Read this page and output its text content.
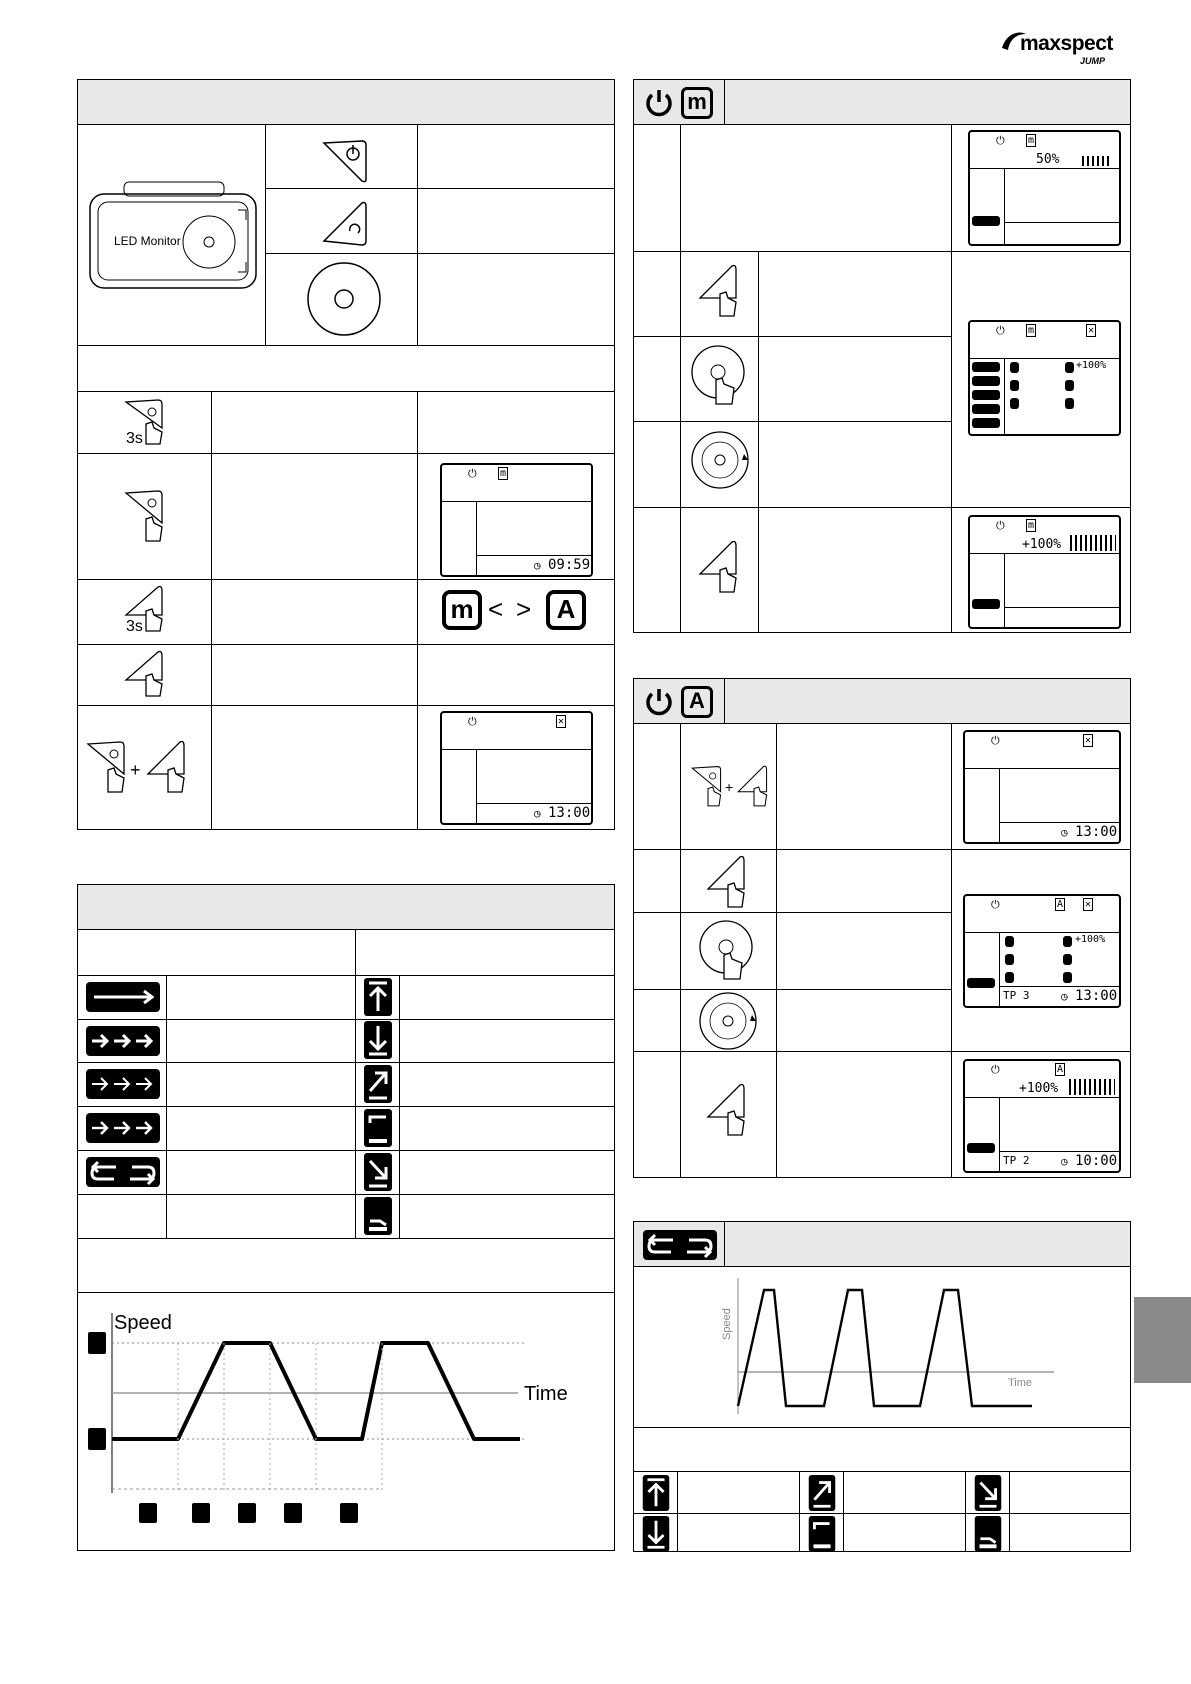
maxspect
JUMP
LED Monitor
3s
⏻ m
◷ 09:59
3s
m < > A
+
⏻	✕
◷ 13:00
Speed
Time
m
⏻ m
50%
⏻ m	✕
+100%
⏻ m
+100%
A
+
⏻	✕
◷ 13:00
⏻	A ✕
+100%
TP 3	◷ 13:00
⏻	A
+100%
TP 2	◷ 10:00
Speed
Time
